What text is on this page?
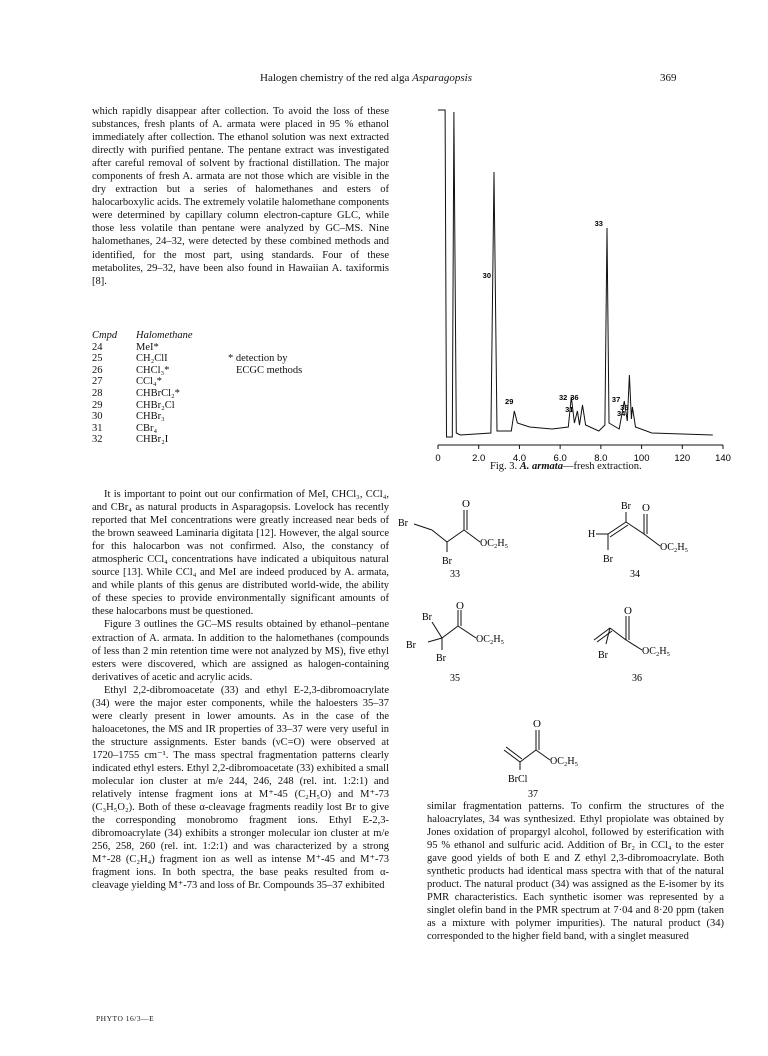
Halogen chemistry of the red alga Asparagopsis	369

which rapidly disappear after collection. To avoid the loss of these substances, fresh plants of A. armata were placed in 95 % ethanol immediately after collection. The ethanol solution was next extracted directly with purified pentane. The pentane extract was investigated after careful removal of solvent by fractional distillation. The major components of fresh A. armata are not those which are visible in the dry extraction but a series of halomethanes and esters of halocarboxylic acids. The extremely volatile halomethane components were determined by capillary column electron-capture GLC, while those less volatile than pentane were analyzed by GC–MS. Nine halomethanes, 24–32, were detected by these combined methods and identified, for the most part, using standards. Four of these metabolites, 29–32, have been also found in Hawaiian A. taxiformis [8].

Cmpd	Halomethane
24	MeI*
25	CH₂ClI
26	CHCl₃*
27	CCl₄*
28	CHBrCl₂*
29	CHBr₂Cl
30	CHBr₃
31	CBr₄
32	CHBr₂I
* detection by
ECGC methods

It is important to point out our confirmation of MeI, CHCl₃, CCl₄, and CBr₄ as natural products in Asparagopsis. Lovelock has recently reported that MeI concentrations were greatly increased near beds of the brown seaweed Laminaria digitata [12]. However, the algal source for this halocarbon was not confirmed. Also, the constancy of atmospheric CCl₄ concentrations have indicated a ubiquitous natural source [13]. While CCl₄ and MeI are indeed produced by A. armata, and while plants of this genus are distributed world-wide, the ability of these species to provide environmentally significant amounts of these halocarbons must be questioned.

Figure 3 outlines the GC–MS results obtained by ethanol–pentane extraction of A. armata. In addition to the halomethanes (compounds of less than 2 min retention time were not analyzed by MS), five ethyl esters were discovered, which are assigned as halogen-containing derivatives of acetic and acrylic acids.

Ethyl 2,2-dibromoacetate (33) and ethyl E-2,3-dibromoacrylate (34) were the major ester components, while the haloesters 35–37 were clearly present in lower amounts. As in the case of the haloacetones, the MS and IR properties of 33–37 were very useful in the structure assignments. Ester bands (νC=O) were observed at 1720–1755 cm⁻¹. The mass spectral fragmentation patterns clearly indicated ethyl esters. Ethyl 2,2-dibromoacetate (33) exhibited a small molecular ion cluster at m/e 244, 246, 248 (rel. int. 1:2:1) and relatively intense fragment ions at M⁺-45 (C₂H₅O) and M⁺-73 (C₃H₅O₂). Both of these α-cleavage fragments readily lost Br to give the corresponding monobromo fragment ions. Ethyl E-2,3-dibromoacrylate (34) exhibits a stronger molecular ion cluster at m/e 256, 258, 260 (rel. int. 1:2:1) and was characterized by a strong M⁺-28 (C₂H₄) fragment ion as well as intense M⁺-45 and M⁺-73 fragment ions. In both spectra, the base peaks resulted from α-cleavage yielding M⁺-73 and loss of Br. Compounds 35–37 exhibited

0	2.0	4.0	6.0	8.0	100	120	140
30
33
34
29	32 36
31
37
35
Fig. 3. A. armata—fresh extraction.
O
Br
OC₂H₅
Br
33
Br O
H
OC₂H₅
Br
34
Br
O
Br
OC₂H₅
Br
35
O
OC₂H₅
Br
36
O
OC₂H₅
BrCl
37

similar fragmentation patterns. To confirm the structures of the haloacrylates, 34 was synthesized. Ethyl propiolate was obtained by Jones oxidation of propargyl alcohol, followed by esterification with 95 % ethanol and sulfuric acid. Addition of Br₂ in CCl₄ to the ester gave good yields of both E and Z ethyl 2,3-dibromoacrylate. Both synthetic products had identical mass spectra with that of the natural product. The natural product (34) was assigned as the E-isomer by its PMR characteristics. Each synthetic isomer was represented by a singlet olefin band in the PMR spectrum at 7·04 and 8·20 ppm (taken as a mixture with polymer impurities). The natural product (34) corresponded to the higher field band, with a singlet measured

PHYTO 16/3—E
